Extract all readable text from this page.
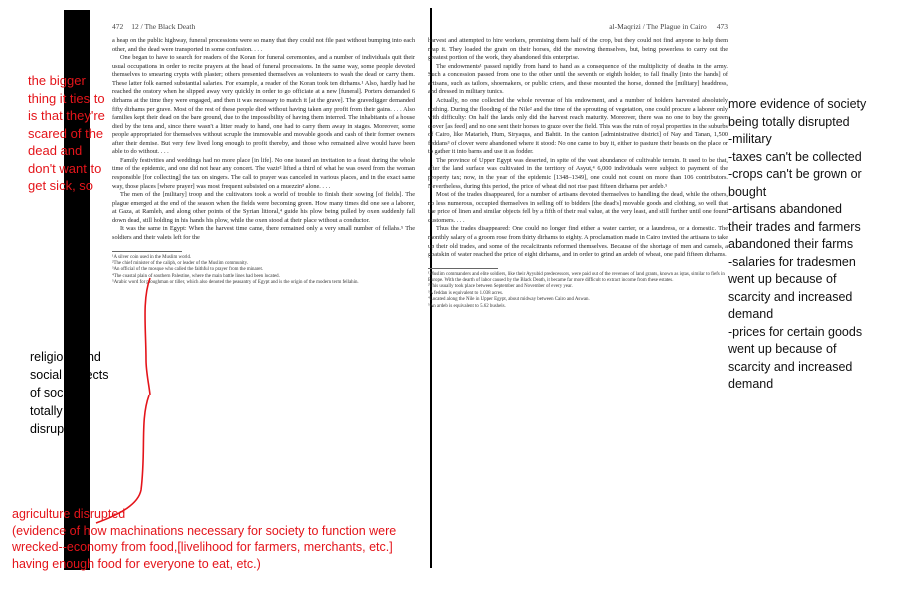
472 12 / The Black Death

a heap on the public highway, funeral processions were so many that they could not file past without bumping into each other, and the dead were transported in some confusion. . . .

One began to have to search for readers of the Koran for funeral ceremonies, and a number of individuals quit their usual occupations in order to recite prayers at the head of funeral processions. In the same way, some people devoted themselves to smearing crypts with plaster; others presented themselves as volunteers to wash the dead or carry them. These latter folk earned substantial salaries. For example, a reader of the Koran took ten dirhams.¹ Also, hardly had he reached the oratory when he slipped away very quickly in order to go officiate at a new [funeral]. Porters demanded 6 dirhams at the time they were engaged, and then it was necessary to match it [at the grave]. The gravedigger demanded fifty dirhams per grave. Most of the rest of these people died without having taken any profit from their gains. . . . Also families kept their dead on the bare ground, due to the impossibility of having them interred. The inhabitants of a house died by the tens and, since there wasn't a litter ready to hand, one had to carry them away in stages. Moreover, some people appropriated for themselves without scruple the immovable and movable goods and cash of their former owners after their demise. But very few lived long enough to profit thereby, and those who remained alive would have been able to do without. . . .

Family festivities and weddings had no more place [in life]. No one issued an invitation to a feast during the whole time of the epidemic, and one did not hear any concert. The vazir² lifted a third of what he was owed from the woman responsible [for collecting] the tax on singers. The call to prayer was canceled in various places, and in the exact same way, those places [where prayer] was most frequent subsisted on a muezzin³ alone. . . .

The men of the [military] troop and the cultivators took a world of trouble to finish their sowing [of fields]. The plague emerged at the end of the season when the fields were becoming green. How many times did one see a laborer, at Gaza, at Ramleh, and along other points of the Syrian littoral,⁴ guide his plow being pulled by oxen suddenly fall down dead, still holding in his hands his plow, while the oxen stood at their place without a conductor.

It was the same in Egypt: When the harvest time came, there remained only a very small number of fellahs.⁵ The soldiers and their valets left for the

¹A silver coin used in the Muslim world.

²The chief minister of the caliph, or leader of the Muslim community.

³An official of the mosque who called the faithful to prayer from the minaret.

⁴The coastal plain of southern Palestine, where the main battle lines had been located.

⁵Arabic word for ploughman or tiller, which also denoted the peasantry of Egypt and is the origin of the modern term fellahin.

al-Maqrizi / The Plague in Cairo 473

harvest and attempted to hire workers, promising them half of the crop, but they could not find anyone to help them reap it. They loaded the grain on their horses, did the mowing themselves, but, being powerless to carry out the greatest portion of the work, they abandoned this enterprise.

The endowments¹ passed rapidly from hand to hand as a consequence of the multiplicity of deaths in the army. Such a concession passed from one to the other until the seventh or eighth holder, to fall finally [into the hands] of artisans, such as tailors, shoemakers, or public criers, and these mounted the horse, donned the [military] headdress, and dressed in military tunics.

Actually, no one collected the whole revenue of his endowment, and a number of holders harvested absolutely nothing. During the flooding of the Nile² and the time of the sprouting of vegetation, one could procure a laborer only with difficulty: On half the lands only did the harvest reach maturity. Moreover, there was no one to buy the green clover [as feed] and no one sent their horses to graze over the field. This was the ruin of royal properties in the suburbs of Cairo, like Matarieh, Hum, Siryaqus, and Bahtit. In the canton [administrative district] of Nay and Tanan, 1,500 feddans³ of clover were abandoned where it stood: No one came to buy it, either to pasture their beasts on the place or to gather it into barns and use it as fodder.

The province of Upper Egypt was deserted, in spite of the vast abundance of cultivable terrain. It used to be that, after the land surface was cultivated in the territory of Asyut,⁴ 6,000 individuals were subject to payment of the property tax; now, in the year of the epidemic [1348–1349], one could not count on more than 106 contributors. Nevertheless, during this period, the price of wheat did not rise past fifteen dirhams per ardeb.⁵

Most of the trades disappeared, for a number of artisans devoted themselves to handling the dead, while the others, no less numerous, occupied themselves in selling off to bidders [the dead's] movable goods and clothing, so well that the price of linen and similar objects fell by a fifth of their real value, at the very least, and still further until one found customers. . . .

Thus the trades disappeared: One could no longer find either a water carrier, or a laundress, or a domestic. The monthly salary of a groom rose from thirty dirhams to eighty. A proclamation made in Cairo invited the artisans to take up their old trades, and some of the recalcitrants reformed themselves. Because of the shortage of men and camels, a goatskin of water reached the price of eight dirhams, and in order to grind an ardeb of wheat, one paid fifteen dirhams.

¹Muslim commanders and elite soldiers, like their Ayyubid predecessors, were paid out of the revenues of land grants, known as iqtas, similar to fiefs in Europe. With the dearth of labor caused by the Black Death, it became far more difficult to extract income from these estates.

²This usually took place between September and November of every year.

³A feddan is equivalent to 1.038 acres.

⁴Located along the Nile in Upper Egypt, about midway between Cairo and Aswan.

⁵An ardeb is equivalent to 5.62 bushels.

the bigger
thing it ties to
is that they're
scared of the
dead and
don't want to
get sick, so
religious and
social aspects
of society
totally
disrupted
agriculture disrupted
(evidence of how machinations necessary for society to function were
wrecked--economy from food,[livelihood for farmers, merchants, etc.]
having enough food for everyone to eat, etc.)
more evidence of society
being totally disrupted
-military
-taxes can't be collected
-crops can't be grown or
bought
-artisans abandoned
their trades and farmers
abandoned their farms
-salaries for tradesmen
went up because of
scarcity and increased
demand
-prices for certain goods
went up because of
scarcity and increased
demand
